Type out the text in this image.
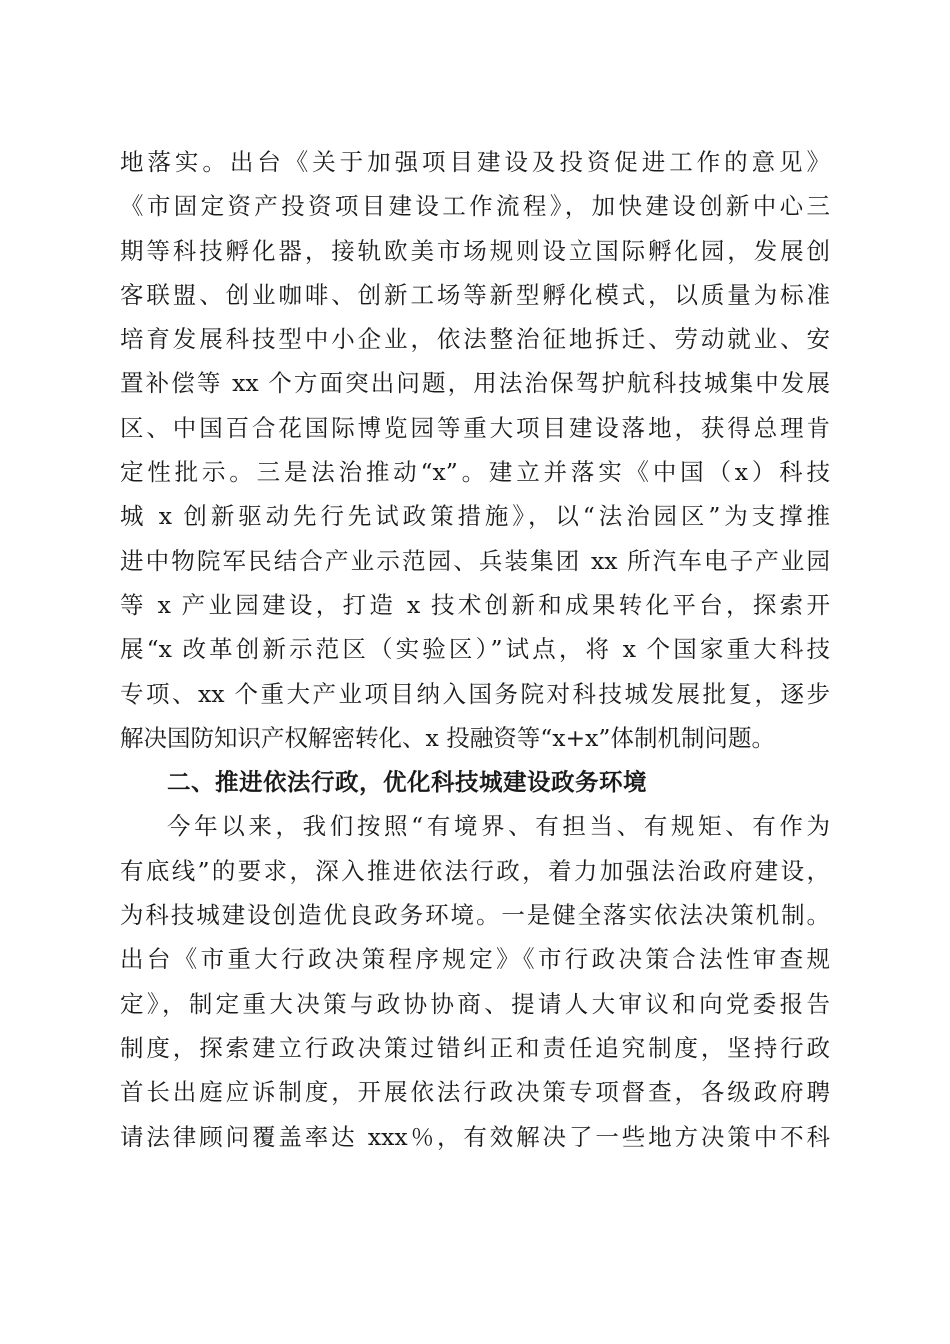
地落实。出台《关于加强项目建设及投资促进工作的意见》
《市固定资产投资项目建设工作流程》，加快建设创新中心三
期等科技孵化器，接轨欧美市场规则设立国际孵化园，发展创
客联盟、创业咖啡、创新工场等新型孵化模式，以质量为标准
培育发展科技型中小企业，依法整治征地拆迁、劳动就业、安
置补偿等 xx 个方面突出问题，用法治保驾护航科技城集中发展
区、中国百合花国际博览园等重大项目建设落地，获得总理肯
定性批示。三是法治推动“x”。建立并落实《中国（x）科技
城 x 创新驱动先行先试政策措施》，以“法治园区”为支撑推
进中物院军民结合产业示范园、兵装集团 xx 所汽车电子产业园
等 x 产业园建设，打造 x 技术创新和成果转化平台，探索开
展“x 改革创新示范区（实验区）”试点，将 x 个国家重大科技
专项、xx 个重大产业项目纳入国务院对科技城发展批复，逐步
解决国防知识产权解密转化、x 投融资等“x+x”体制机制问题。
二、推进依法行政，优化科技城建设政务环境
今年以来，我们按照“有境界、有担当、有规矩、有作为
有底线”的要求，深入推进依法行政，着力加强法治政府建设，
为科技城建设创造优良政务环境。一是健全落实依法决策机制。
出台《市重大行政决策程序规定》《市行政决策合法性审查规
定》，制定重大决策与政协协商、提请人大审议和向党委报告
制度，探索建立行政决策过错纠正和责任追究制度，坚持行政
首长出庭应诉制度，开展依法行政决策专项督查，各级政府聘
请法律顾问覆盖率达 xxx％，有效解决了一些地方决策中不科
